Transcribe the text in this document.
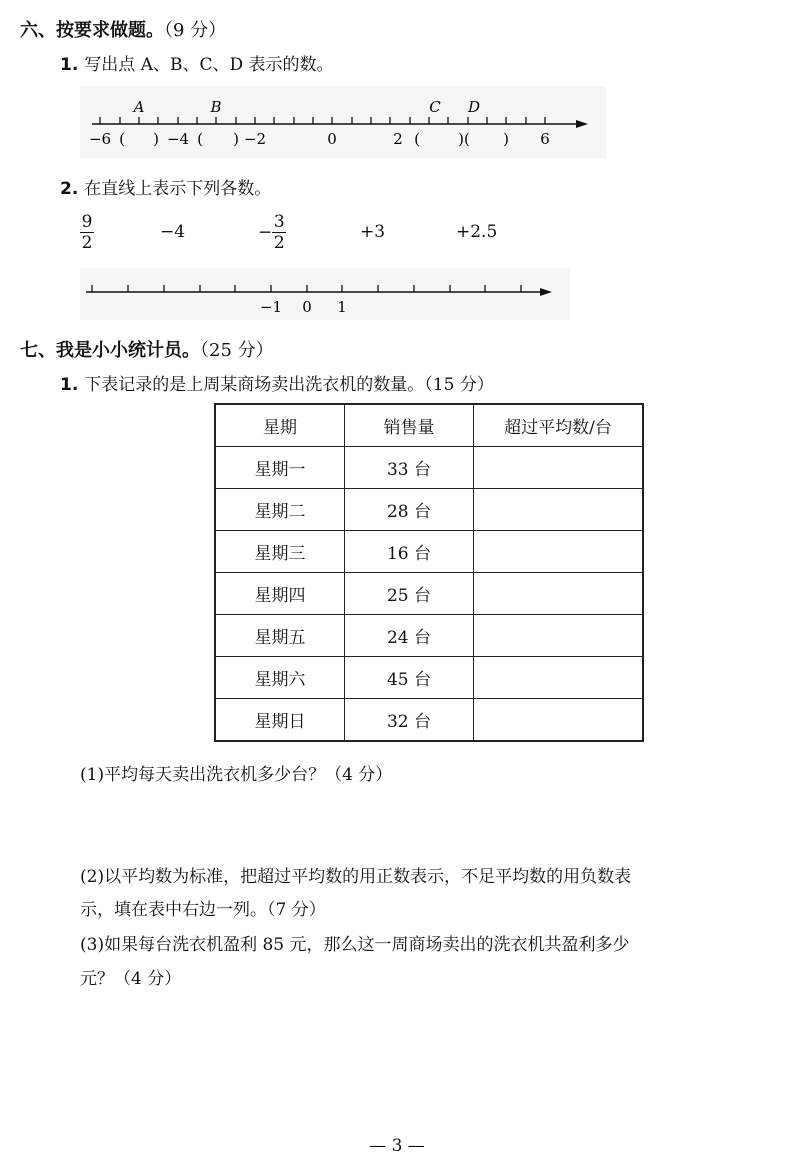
六、按要求做题。（9 分）
1. 写出点 A、B、C、D 表示的数。
A	B	C D
−6 ( ) −4 ( ) −2	0	2 (	)( ) 6
2. 在直线上表示下列各数。
$\frac{9}{2}$	−4	− $\frac{3}{2}$	+3	+2.5
−1 0 1
七、我是小小统计员。（25 分）
1. 下表记录的是上周某商场卖出洗衣机的数量。（15 分）
星期	销售量	超过平均数/台
星期一	33 台	
星期二	28 台	
星期三	16 台	
星期四	25 台	
星期五	24 台	
星期六	45 台	
星期日	32 台	
(1)平均每天卖出洗衣机多少台？（4 分）
(2)以平均数为标准，把超过平均数的用正数表示，不足平均数的用负数表
示，填在表中右边一列。（7 分）
(3)如果每台洗衣机盈利 85 元，那么这一周商场卖出的洗衣机共盈利多少
元？（4 分）
— 3 —
